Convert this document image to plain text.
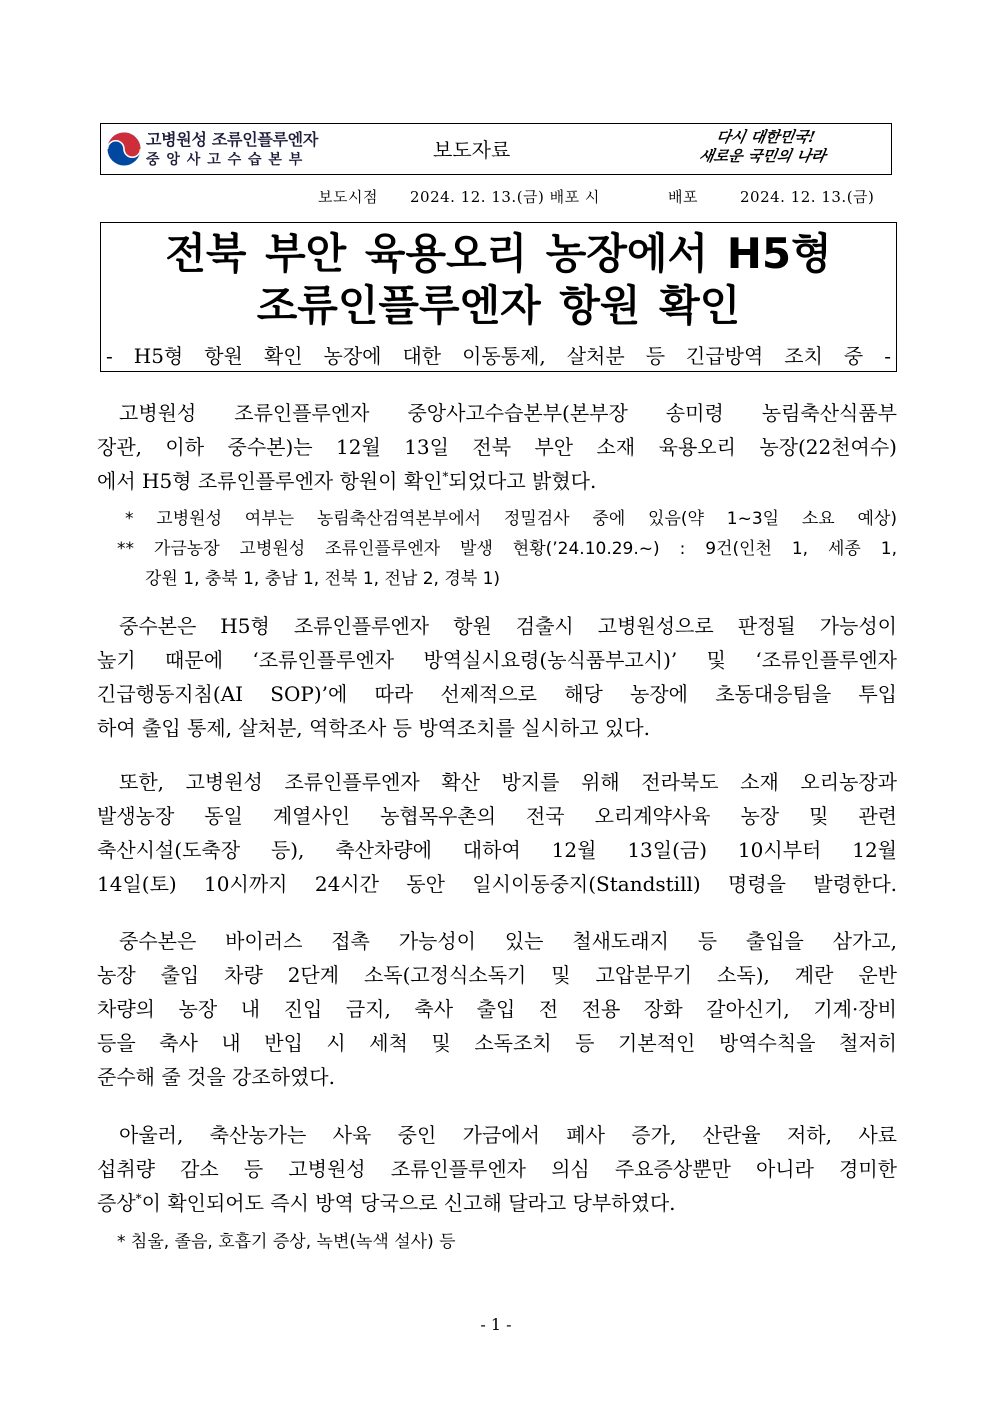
고병원성 조류인플루엔자
중 앙 사 고 수 습 본 부	보도자료
다시 대한민국!
새로운 국민의 나라
보도시점 2024. 12. 13.(금) 배포 시	배포	2024. 12. 13.(금)
전북 부안 육용오리 농장에서 H5형
조류인플루엔자 항원 확인
- H5형 항원 확인 농장에 대한 이동통제, 살처분 등 긴급방역 조치 중 -
고병원성 조류인플루엔자 중앙사고수습본부(본부장 송미령 농림축산식품부
장관, 이하 중수본)는 12월 13일 전북 부안 소재 육용오리 농장(22천여수)
에서 H5형 조류인플루엔자 항원이 확인*되었다고 밝혔다.
* 고병원성 여부는 농림축산검역본부에서 정밀검사 중에 있음(약 1~3일 소요 예상)
** 가금농장 고병원성 조류인플루엔자 발생 현황(’24.10.29.~) : 9건(인천 1, 세종 1,
강원 1, 충북 1, 충남 1, 전북 1, 전남 2, 경북 1)
중수본은 H5형 조류인플루엔자 항원 검출시 고병원성으로 판정될 가능성이
높기 때문에 ‘조류인플루엔자 방역실시요령(농식품부고시)’ 및 ‘조류인플루엔자
긴급행동지침(AI SOP)’에 따라 선제적으로 해당 농장에 초동대응팀을 투입
하여 출입 통제, 살처분, 역학조사 등 방역조치를 실시하고 있다.
또한, 고병원성 조류인플루엔자 확산 방지를 위해 전라북도 소재 오리농장과
발생농장 동일 계열사인 농협목우촌의 전국 오리계약사육 농장 및 관련
축산시설(도축장 등), 축산차량에 대하여 12월 13일(금) 10시부터 12월
14일(토) 10시까지 24시간 동안 일시이동중지(Standstill) 명령을 발령한다.
중수본은 바이러스 접촉 가능성이 있는 철새도래지 등 출입을 삼가고,
농장 출입 차량 2단계 소독(고정식소독기 및 고압분무기 소독), 계란 운반
차량의 농장 내 진입 금지, 축사 출입 전 전용 장화 갈아신기, 기계·장비
등을 축사 내 반입 시 세척 및 소독조치 등 기본적인 방역수칙을 철저히
준수해 줄 것을 강조하였다.
아울러, 축산농가는 사육 중인 가금에서 폐사 증가, 산란율 저하, 사료
섭취량 감소 등 고병원성 조류인플루엔자 의심 주요증상뿐만 아니라 경미한
증상*이 확인되어도 즉시 방역 당국으로 신고해 달라고 당부하였다.
* 침울, 졸음, 호흡기 증상, 녹변(녹색 설사) 등
- 1 -
